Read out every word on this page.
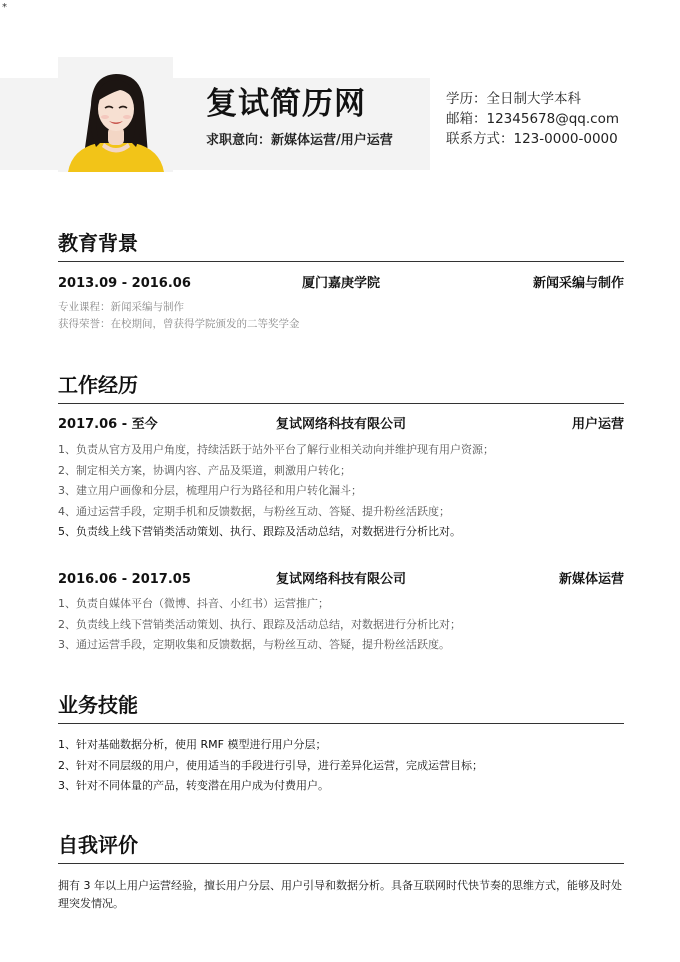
*
复试简历网
求职意向：新媒体运营/用户运营
学历：全日制大学本科
邮箱：12345678@qq.com
联系方式：123-0000-0000
教育背景
2013.09 - 2016.06	厦门嘉庚学院	新闻采编与制作
专业课程：新闻采编与制作
获得荣誉：在校期间，曾获得学院颁发的二等奖学金
工作经历
2017.06 - 至今	复试网络科技有限公司	用户运营
1、负责从官方及用户角度，持续活跃于站外平台了解行业相关动向并维护现有用户资源；
2、制定相关方案，协调内容、产品及渠道，刺激用户转化；
3、建立用户画像和分层，梳理用户行为路径和用户转化漏斗；
4、通过运营手段，定期手机和反馈数据，与粉丝互动、答疑、提升粉丝活跃度；
5、负责线上线下营销类活动策划、执行、跟踪及活动总结，对数据进行分析比对。
2016.06 - 2017.05	复试网络科技有限公司	新媒体运营
1、负责自媒体平台（微博、抖音、小红书）运营推广；
2、负责线上线下营销类活动策划、执行、跟踪及活动总结，对数据进行分析比对；
3、通过运营手段，定期收集和反馈数据，与粉丝互动、答疑，提升粉丝活跃度。
业务技能
1、针对基础数据分析，使用 RMF 模型进行用户分层；
2、针对不同层级的用户，使用适当的手段进行引导，进行差异化运营，完成运营目标；
3、针对不同体量的产品，转变潜在用户成为付费用户。
自我评价
拥有 3 年以上用户运营经验，擅长用户分层、用户引导和数据分析。具备互联网时代快节奏的思维方式，能够及时处理突发情况。
